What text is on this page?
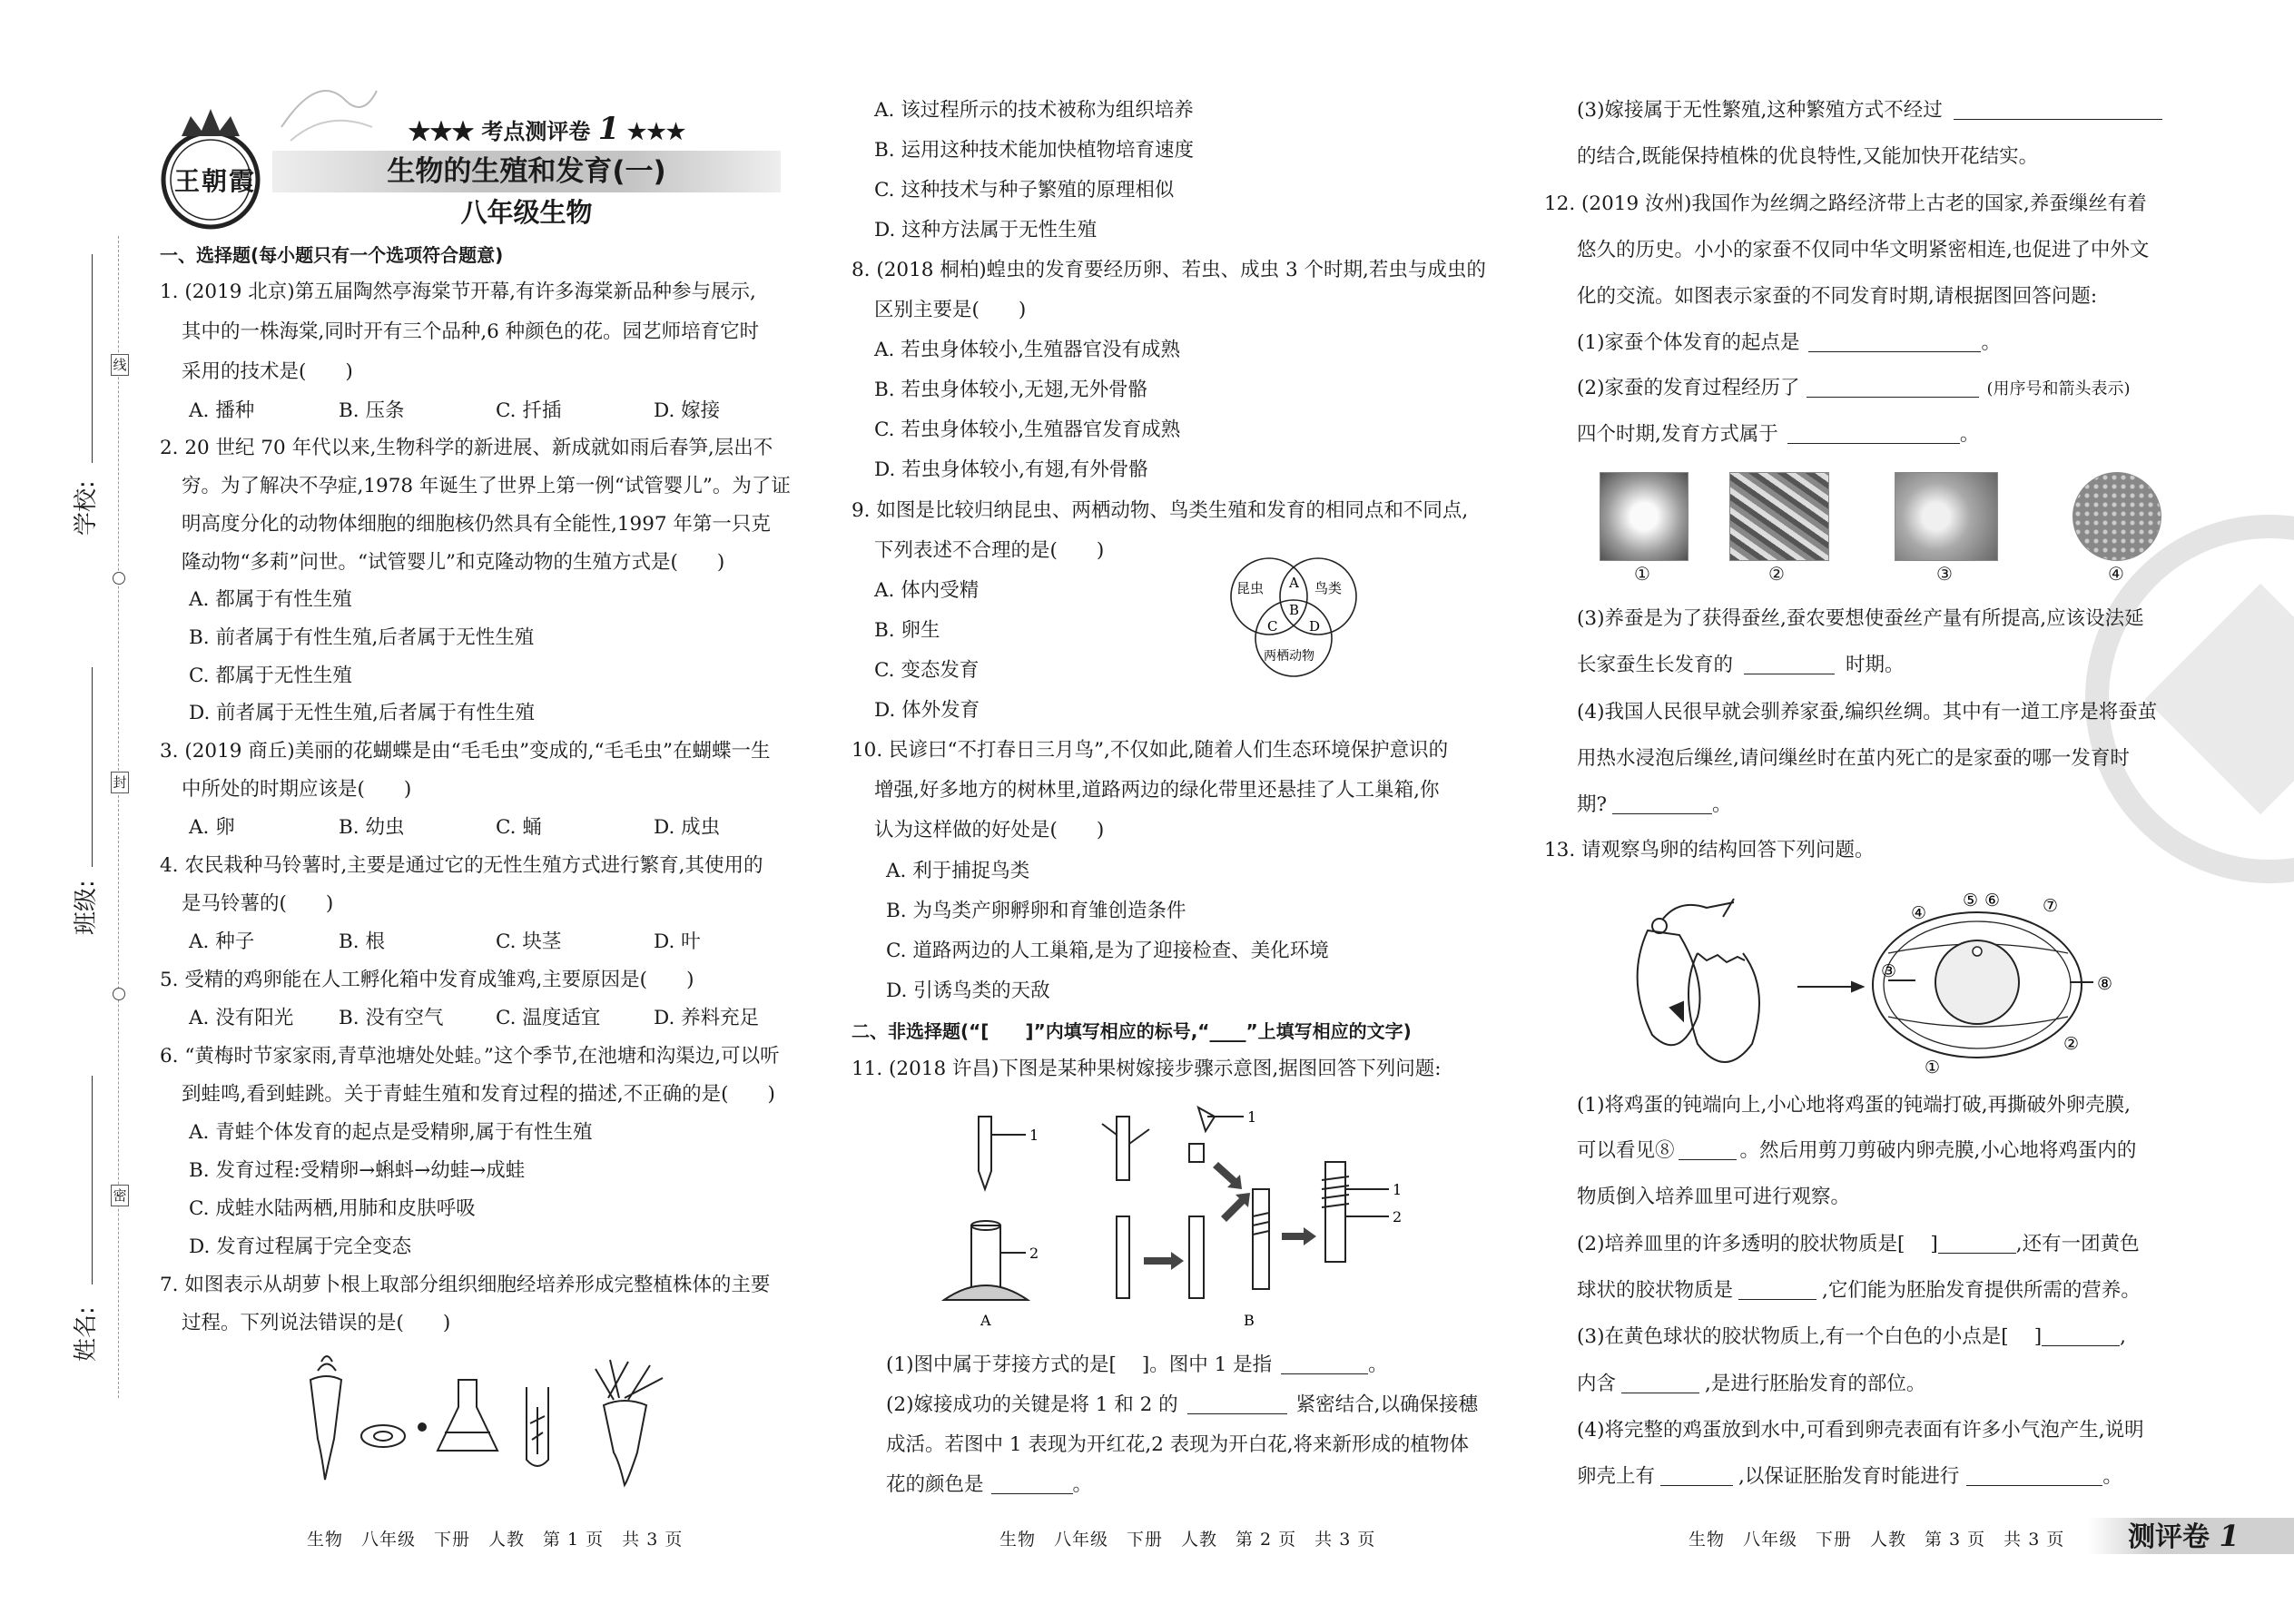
线
封
密
学校:
班级:
姓名:
王朝霞
★★★ 考点测评卷 1 ★★★
生物的生殖和发育(一)
八年级生物
一、选择题(每小题只有一个选项符合题意)
1. (2019 北京)第五届陶然亭海棠节开幕,有许多海棠新品种参与展示,
其中的一株海棠,同时开有三个品种,6 种颜色的花。园艺师培育它时
采用的技术是(　　)
A. 播种	B. 压条	C. 扦插	D. 嫁接
2. 20 世纪 70 年代以来,生物科学的新进展、新成就如雨后春笋,层出不
穷。为了解决不孕症,1978 年诞生了世界上第一例“试管婴儿”。为了证
明高度分化的动物体细胞的细胞核仍然具有全能性,1997 年第一只克
隆动物“多莉”问世。“试管婴儿”和克隆动物的生殖方式是(　　)
A. 都属于有性生殖
B. 前者属于有性生殖,后者属于无性生殖
C. 都属于无性生殖
D. 前者属于无性生殖,后者属于有性生殖
3. (2019 商丘)美丽的花蝴蝶是由“毛毛虫”变成的,“毛毛虫”在蝴蝶一生
中所处的时期应该是(　　)
A. 卵	B. 幼虫	C. 蛹	D. 成虫
4. 农民栽种马铃薯时,主要是通过它的无性生殖方式进行繁育,其使用的
是马铃薯的(　　)
A. 种子	B. 根	C. 块茎	D. 叶
5. 受精的鸡卵能在人工孵化箱中发育成雏鸡,主要原因是(　　)
A. 没有阳光 B. 没有空气	C. 温度适宜	D. 养料充足
6. “黄梅时节家家雨,青草池塘处处蛙。”这个季节,在池塘和沟渠边,可以听
到蛙鸣,看到蛙跳。关于青蛙生殖和发育过程的描述,不正确的是(　　)
A. 青蛙个体发育的起点是受精卵,属于有性生殖
B. 发育过程:受精卵→蝌蚪→幼蛙→成蛙
C. 成蛙水陆两栖,用肺和皮肤呼吸
D. 发育过程属于完全变态
7. 如图表示从胡萝卜根上取部分组织细胞经培养形成完整植株体的主要
过程。下列说法错误的是(　　)
A. 该过程所示的技术被称为组织培养
B. 运用这种技术能加快植物培育速度
C. 这种技术与种子繁殖的原理相似
D. 这种方法属于无性生殖
8. (2018 桐柏)蝗虫的发育要经历卵、若虫、成虫 3 个时期,若虫与成虫的
区别主要是(　　)
A. 若虫身体较小,生殖器官没有成熟
B. 若虫身体较小,无翅,无外骨骼
C. 若虫身体较小,生殖器官发育成熟
D. 若虫身体较小,有翅,有外骨骼
9. 如图是比较归纳昆虫、两栖动物、鸟类生殖和发育的相同点和不同点,
下列表述不合理的是(　　)
A. 体内受精
B. 卵生
C. 变态发育
D. 体外发育
昆虫	鸟类
两栖动物
A
B
C D
10. 民谚曰“不打春日三月鸟”,不仅如此,随着人们生态环境保护意识的
增强,好多地方的树林里,道路两边的绿化带里还悬挂了人工巢箱,你
认为这样做的好处是(　　)
A. 利于捕捉鸟类
B. 为鸟类产卵孵卵和育雏创造条件
C. 道路两边的人工巢箱,是为了迎接检查、美化环境
D. 引诱鸟类的天敌
二、非选择题(“[　　]”内填写相应的标号,“____”上填写相应的文字)
11. (2018 许昌)下图是某种果树嫁接步骤示意图,据图回答下列问题:
1
2
1
1
2
A	B
(1)图中属于芽接方式的是[ ]。图中 1 是指	。
(2)嫁接成功的关键是将 1 和 2 的	紧密结合,以确保接穗
成活。若图中 1 表现为开红花,2 表现为开白花,将来新形成的植物体
花的颜色是	。
(3)嫁接属于无性繁殖,这种繁殖方式不经过
的结合,既能保持植株的优良特性,又能加快开花结实。
12. (2019 汝州)我国作为丝绸之路经济带上古老的国家,养蚕缫丝有着
悠久的历史。小小的家蚕不仅同中华文明紧密相连,也促进了中外文
化的交流。如图表示家蚕的不同发育时期,请根据图回答问题:
(1)家蚕个体发育的起点是	。
(2)家蚕的发育过程经历了	(用序号和箭头表示)
四个时期,发育方式属于	。
①	②	③	④
(3)养蚕是为了获得蚕丝,蚕农要想使蚕丝产量有所提高,应该设法延
长家蚕生长发育的	时期。
(4)我国人民很早就会驯养家蚕,编织丝绸。其中有一道工序是将蚕茧
用热水浸泡后缫丝,请问缫丝时在茧内死亡的是家蚕的哪一发育时
期?	。
13. 请观察鸟卵的结构回答下列问题。
①
②
③
④
⑤ ⑥ ⑦
⑧
(1)将鸡蛋的钝端向上,小心地将鸡蛋的钝端打破,再撕破外卵壳膜,
可以看见⑧	。然后用剪刀剪破内卵壳膜,小心地将鸡蛋内的
物质倒入培养皿里可进行观察。
(2)培养皿里的许多透明的胶状物质是[ ]	,还有一团黄色
球状的胶状物质是	,它们能为胚胎发育提供所需的营养。
(3)在黄色球状的胶状物质上,有一个白色的小点是[ ]	,
内含	,是进行胚胎发育的部位。
(4)将完整的鸡蛋放到水中,可看到卵壳表面有许多小气泡产生,说明
卵壳上有	,以保证胚胎发育时能进行	。
生物　八年级　下册　人教　第 1 页　共 3 页	生物　八年级　下册　人教　第 2 页　共 3 页	生物　八年级　下册　人教　第 3 页　共 3 页 测评卷 1
